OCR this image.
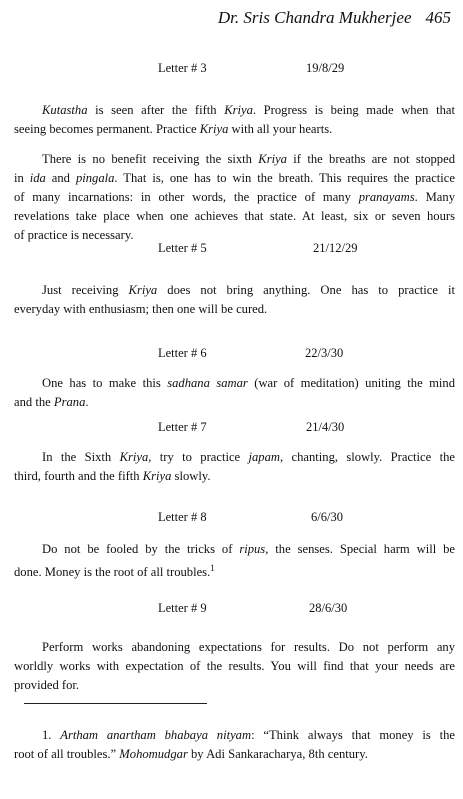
Dr. Sris Chandra Mukherjee 465
Letter # 3	19/8/29
Kutastha is seen after the fifth Kriya. Progress is being made when that
seeing becomes permanent. Practice Kriya with all your hearts.
There is no benefit receiving the sixth Kriya if the breaths are not stopped
in ida and pingala. That is, one has to win the breath. This requires the practice
of many incarnations: in other words, the practice of many pranayams. Many
revelations take place when one achieves that state. At least, six or seven hours
of practice is necessary.
Letter # 5	21/12/29
Just receiving Kriya does not bring anything. One has to practice it
everyday with enthusiasm; then one will be cured.
Letter # 6	22/3/30
One has to make this sadhana samar (war of meditation) uniting the mind
and the Prana.
Letter # 7	21/4/30
In the Sixth Kriya, try to practice japam, chanting, slowly. Practice the
third, fourth and the fifth Kriya slowly.
Letter # 8	6/6/30
Do not be fooled by the tricks of ripus, the senses. Special harm will be
done. Money is the root of all troubles.$^1$
Letter # 9	28/6/30
Perform works abandoning expectations for results. Do not perform any
worldly works with expectation of the results. You will find that your needs are
provided for.
1. Artham anartham bhabaya nityam: “Think always that money is the
root of all troubles.” Mohomudgar by Adi Sankaracharya, 8th century.
